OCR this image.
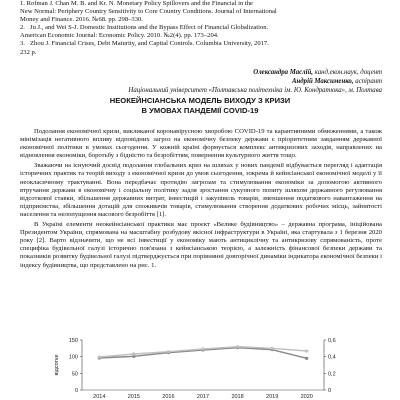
1. Rofman J. Chan M. B. and Kr. N. Monetary Policy Spillovers and the Financial in the
New Normal: Periphery Country Sensitivity to Core Country Conditions. Journal of International
Money and Finance. 2016. №68. pp. 298–330.
2. Ju J., and Wei S-J. Domestic Institutions and the Bypass Effect of Financial Globalization.
American Economic Journal: Economic Policy. 2010. №2(4). pp. 173–204.
3. Zhou J. Financial Crises, Debt Maturity, and Capital Controls. Columbia University, 2017.
232 p.
Олександра Маслій, канд.екон.наук, доцент
Андрій Максименко, аспірант
Національний університет «Полтавська політехніка ім. Ю. Кондратюка», м. Полтава
НЕОКЕЙНСІАНСЬКА МОДЕЛЬ ВИХОДУ З КРИЗИ
В УМОВАХ ПАНДЕМІЇ COVID-19

Подолання економічної кризи, викликаної коронавірусною хворобою COVID-19 та карантинними обмеженнями, а також мінімізація негативного впливу відповідних загроз на економічну безпеку держави є пріоритетним завданням державної економічної політики в умовах сьогодення. У кожній країні формується комплекс антикризових заходів, направлених на відновлення економіки, боротьбу з бідністю та безробіттям, повернення культурного життя тощо.

Зважаючи на існуючий досвід подолання глобальних криз на шляхах у нових пандемії відбувається перегляд і адаптація історичних практик та теорій виходу з економічної кризи до умов сьогодення, зокрема й кейнсіанської економічної моделі у її неокласичному трактуванні. Вона передбачає протидію загрозам та стимулювання економіки за допомогою активного втручання держави в економічну і соціальну політику задля зростання сукупного попиту шляхом державного регулювання відсоткової ставки, збільшення державних витрат, інвестицій і закупівель товарів, зменшення податкового навантаження на підприємства, збільшення дотацій для споживачів товарів, стимулювання створення додаткових робочих місць, зайнятості населення та нелопущення масового безробіття [1].

В Україні елементи неокейнсіанської практики має проєкт «Велике будівництво» – державна програма, ініційована Президентом України, спрямована на масштабну розбудову якісної інфраструктури в Україні, яка стартувала з 1 березня 2020 року [2]. Варто відзначити, що не всі інвестиції у економіку мають антициклічну та антикризову спрямованість, проте специфіка будівельної галузі історично пов'язана з кейнсіанською теорією, а залежність фінансової безпеки держави та показників розвитку будівельної галузі підтверджується при порівнянні довгорічної динаміки індикатора економічної безпеки і індексу будівництва, що представлено на рис. 1.

150
100
50
0
0,6
0,4
0,2
0
2014	2015	2016	2017	2018	2019	2020
відсотки
